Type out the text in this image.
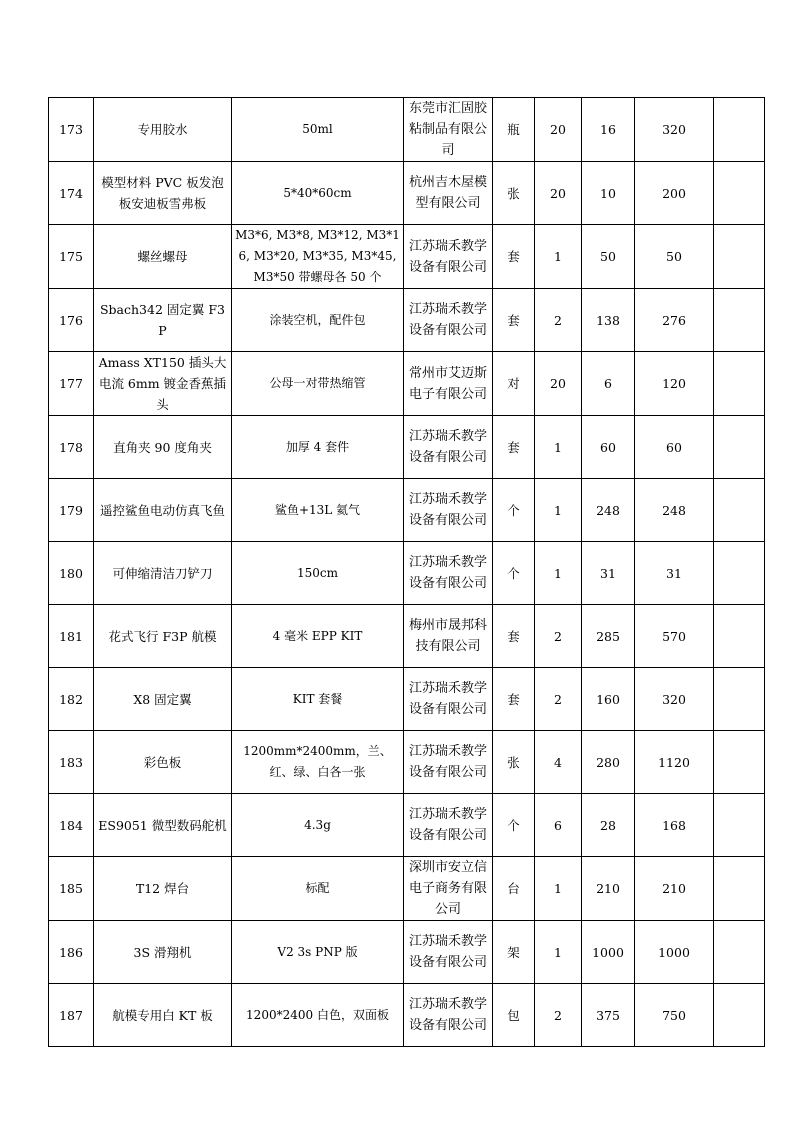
173	专用胶水	50ml	东莞市汇固胶粘制品有限公司	瓶	20	16	320	
174	模型材料 PVC 板发泡板安迪板雪弗板	5*40*60cm	杭州吉木屋模型有限公司	张	20	10	200	
175	螺丝螺母	M3*6, M3*8, M3*12, M3*16, M3*20, M3*35, M3*45, M3*50 带螺母各 50 个	江苏瑞禾教学设备有限公司	套	1	50	50	
176	Sbach342 固定翼 F3P	涂装空机，配件包	江苏瑞禾教学设备有限公司	套	2	138	276	
177	Amass XT150 插头大电流 6mm 镀金香蕉插头	公母一对带热缩管	常州市艾迈斯电子有限公司	对	20	6	120	
178	直角夹 90 度角夹	加厚 4 套件	江苏瑞禾教学设备有限公司	套	1	60	60	
179	遥控鲨鱼电动仿真飞鱼	鲨鱼+13L 氦气	江苏瑞禾教学设备有限公司	个	1	248	248	
180	可伸缩清洁刀铲刀	150cm	江苏瑞禾教学设备有限公司	个	1	31	31	
181	花式飞行 F3P 航模	4 毫米 EPP KIT	梅州市晟邦科技有限公司	套	2	285	570	
182	X8 固定翼	KIT 套餐	江苏瑞禾教学设备有限公司	套	2	160	320	
183	彩色板	1200mm*2400mm，兰、红、绿、白各一张	江苏瑞禾教学设备有限公司	张	4	280	1120	
184	ES9051 微型数码舵机	4.3g	江苏瑞禾教学设备有限公司	个	6	28	168	
185	T12 焊台	标配	深圳市安立信电子商务有限公司	台	1	210	210	
186	3S 滑翔机	V2 3s PNP 版	江苏瑞禾教学设备有限公司	架	1	1000	1000	
187	航模专用白 KT 板	1200*2400 白色，双面板	江苏瑞禾教学设备有限公司	包	2	375	750	
